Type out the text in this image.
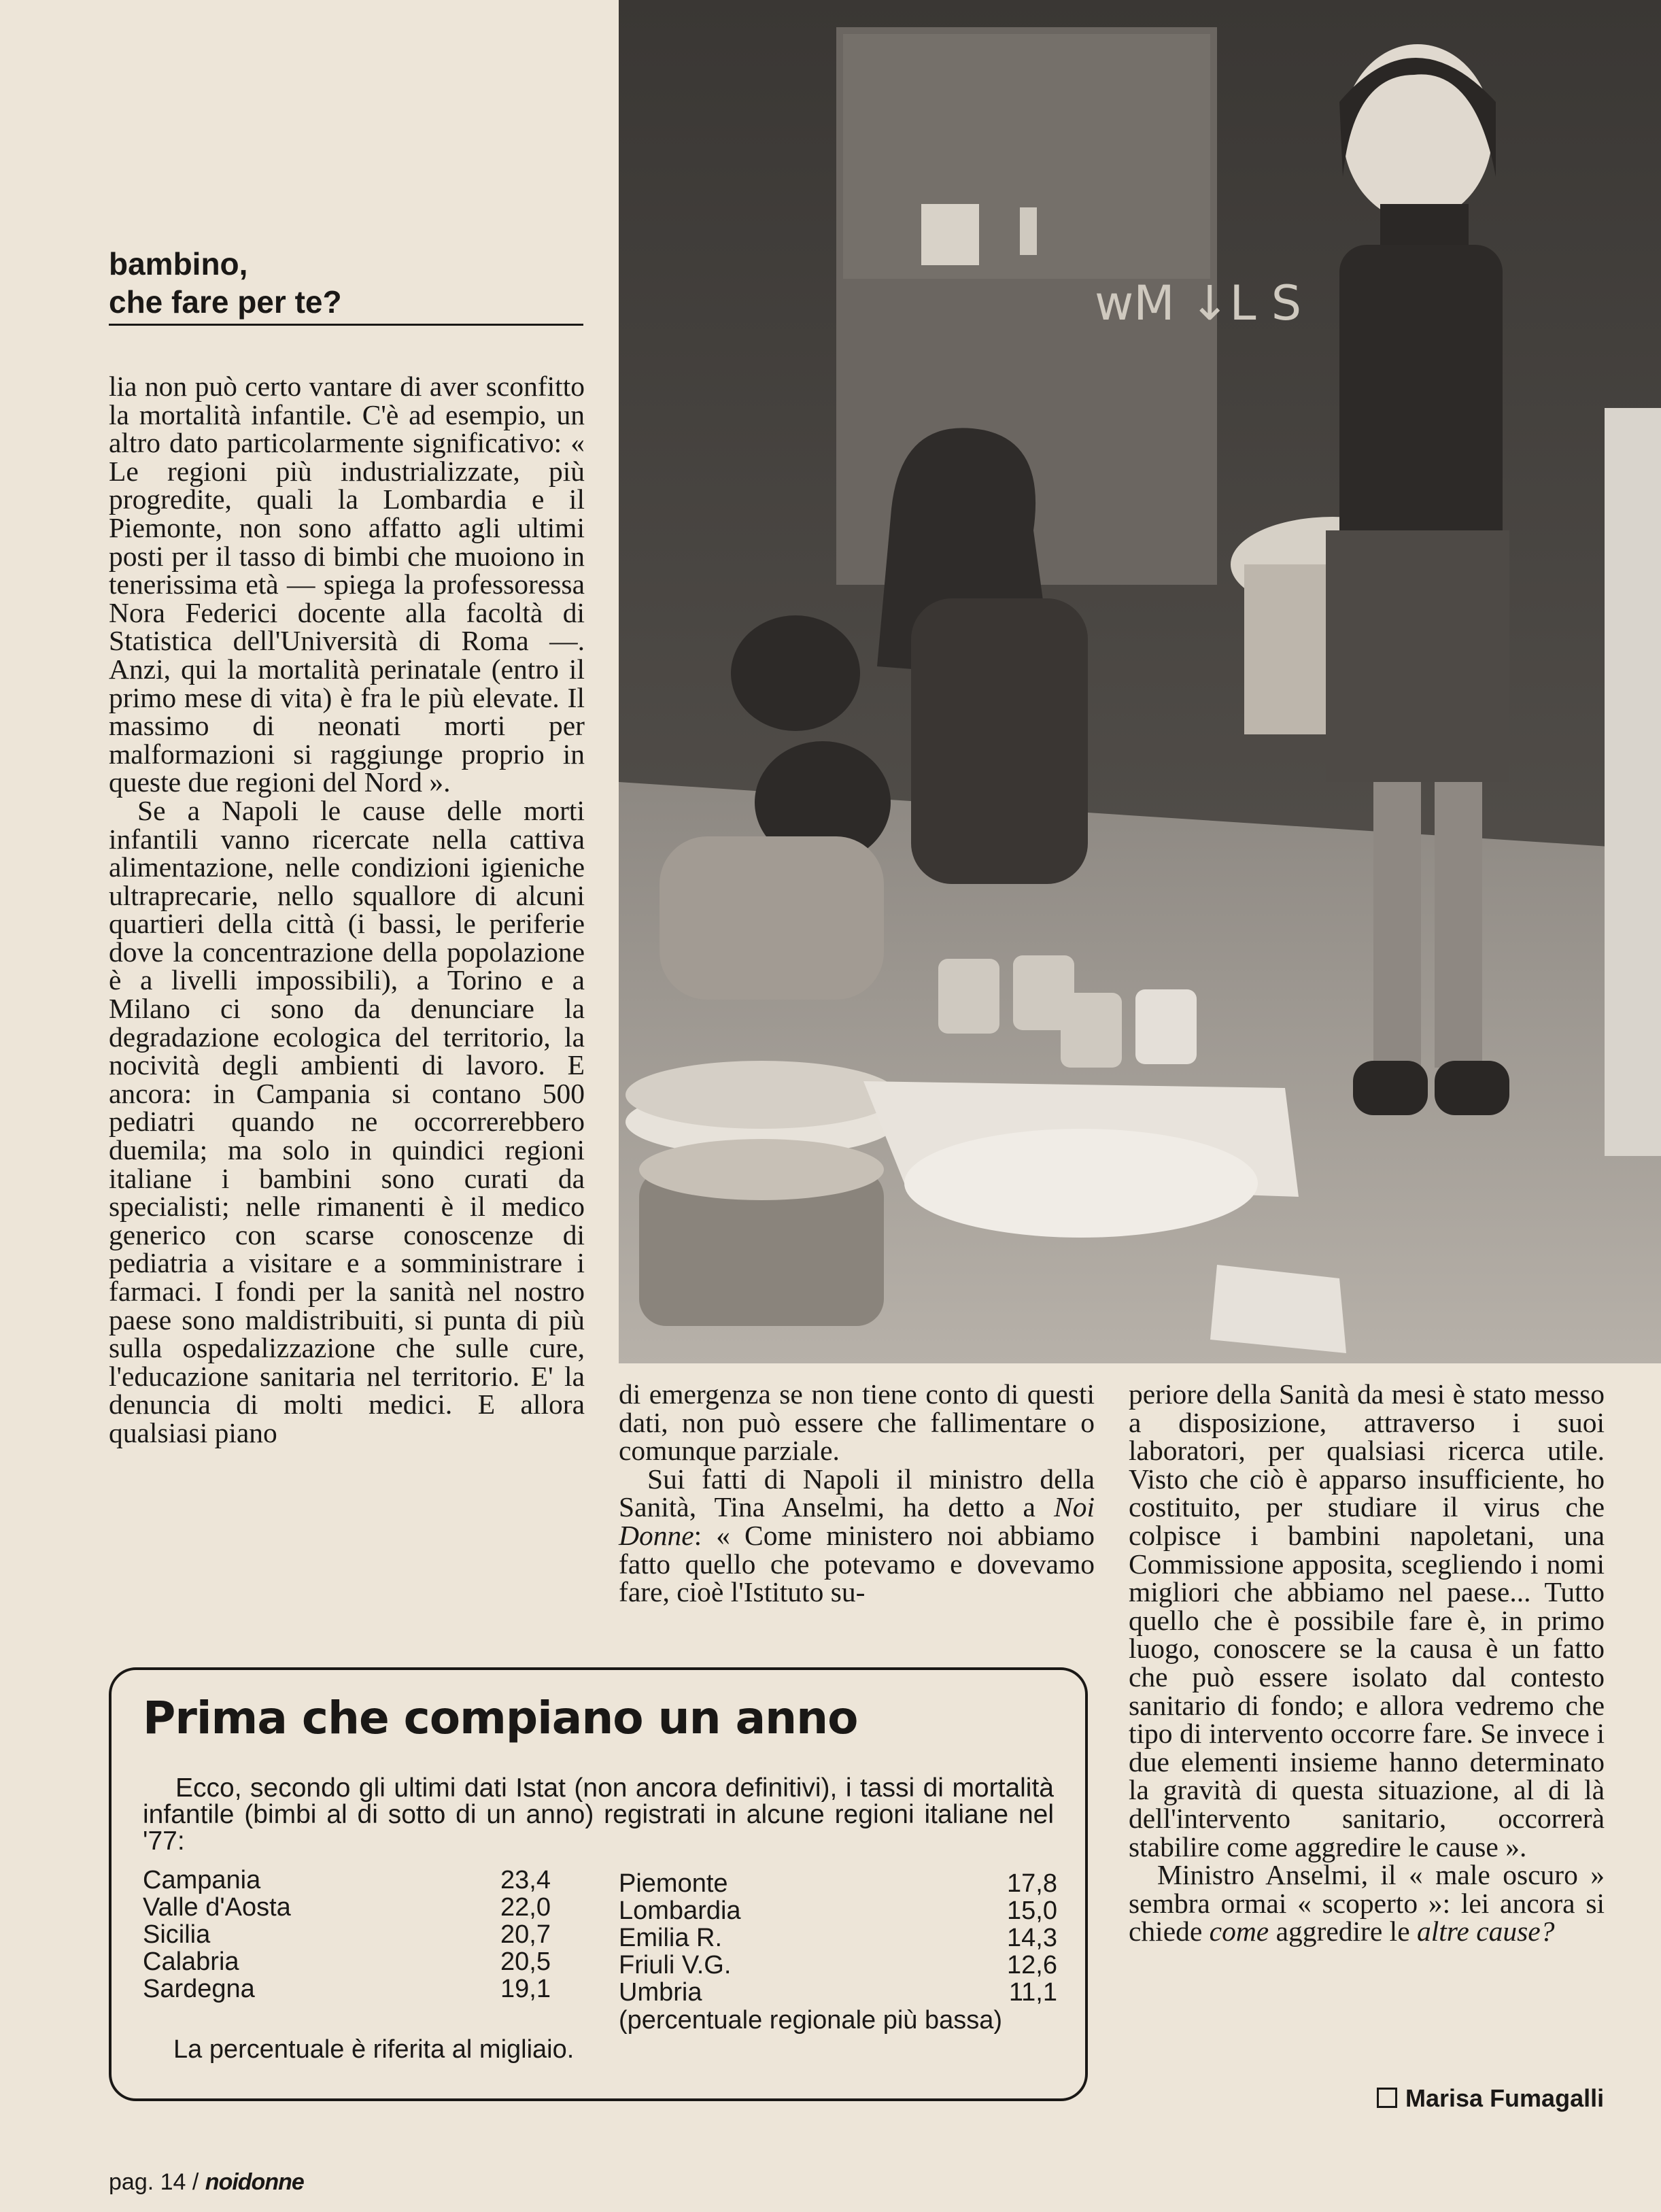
bambino,
che fare per te?	wM ↓L S

lia non può certo vantare di aver sconfitto la mortalità infantile. C'è ad esempio, un altro dato particolarmente significativo: « Le regioni più industrializzate, più progredite, quali la Lombardia e il Piemonte, non sono affatto agli ultimi posti per il tasso di bimbi che muoiono in tenerissima età — spiega la professoressa Nora Federici docente alla facoltà di Statistica dell'Università di Roma —. Anzi, qui la mortalità perinatale (entro il primo mese di vita) è fra le più elevate. Il massimo di neonati morti per malformazioni si raggiunge proprio in queste due regioni del Nord ».

Se a Napoli le cause delle morti infantili vanno ricercate nella cattiva alimentazione, nelle condizioni igieniche ultraprecarie, nello squallore di alcuni quartieri della città (i bassi, le periferie dove la concentrazione della popolazione è a livelli impossibili), a Torino e a Milano ci sono da denunciare la degradazione ecologica del territorio, la nocività degli ambienti di lavoro. E ancora: in Campania si contano 500 pediatri quando ne occorrerebbero duemila; ma solo in quindici regioni italiane i bambini sono curati da specialisti; nelle rimanenti è il medico generico con scarse conoscenze di pediatria a visitare e a somministrare i farmaci. I fondi per la sanità nel nostro paese sono maldistribuiti, si punta di più sulla ospedalizzazione che sulle cure, l'educazione sanitaria nel territorio. E' la denuncia di molti medici. E allora qualsiasi piano

di emergenza se non tiene conto di questi dati, non può essere che fallimentare o comunque parziale.

Sui fatti di Napoli il ministro della Sanità, Tina Anselmi, ha detto a Noi Donne: « Come ministero noi abbiamo fatto quello che potevamo e dovevamo fare, cioè l'Istituto su-

periore della Sanità da mesi è stato messo a disposizione, attraverso i suoi laboratori, per qualsiasi ricerca utile. Visto che ciò è apparso insufficiente, ho costituito, per studiare il virus che colpisce i bambini napoletani, una Commissione apposita, scegliendo i nomi migliori che abbiamo nel paese... Tutto quello che è possibile fare è, in primo luogo, conoscere se la causa è un fatto che può essere isolato dal contesto sanitario di fondo; e allora vedremo che tipo di intervento occorre fare. Se invece i due elementi insieme hanno determinato la gravità di questa situazione, al di là dell'intervento sanitario, occorrerà stabilire come aggredire le cause ».

Ministro Anselmi, il « male oscuro » sembra ormai « scoperto »: lei ancora si chiede come aggredire le altre cause?

Prima che compiano un anno
Ecco, secondo gli ultimi dati Istat (non ancora definitivi), i tassi di mortalità infantile (bimbi al di sotto di un anno) registrati in alcune regioni italiane nel '77:
Campania	23,4
Valle d'Aosta	22,0
Sicilia	20,7
Calabria	20,5
Sardegna	19,1
Piemonte	17,8
Lombardia	15,0
Emilia R.	14,3
Friuli V.G.	12,6
Umbria	11,1
(percentuale regionale più bassa)
La percentuale è riferita al migliaio.
Marisa Fumagalli
pag. 14 / noidonne
